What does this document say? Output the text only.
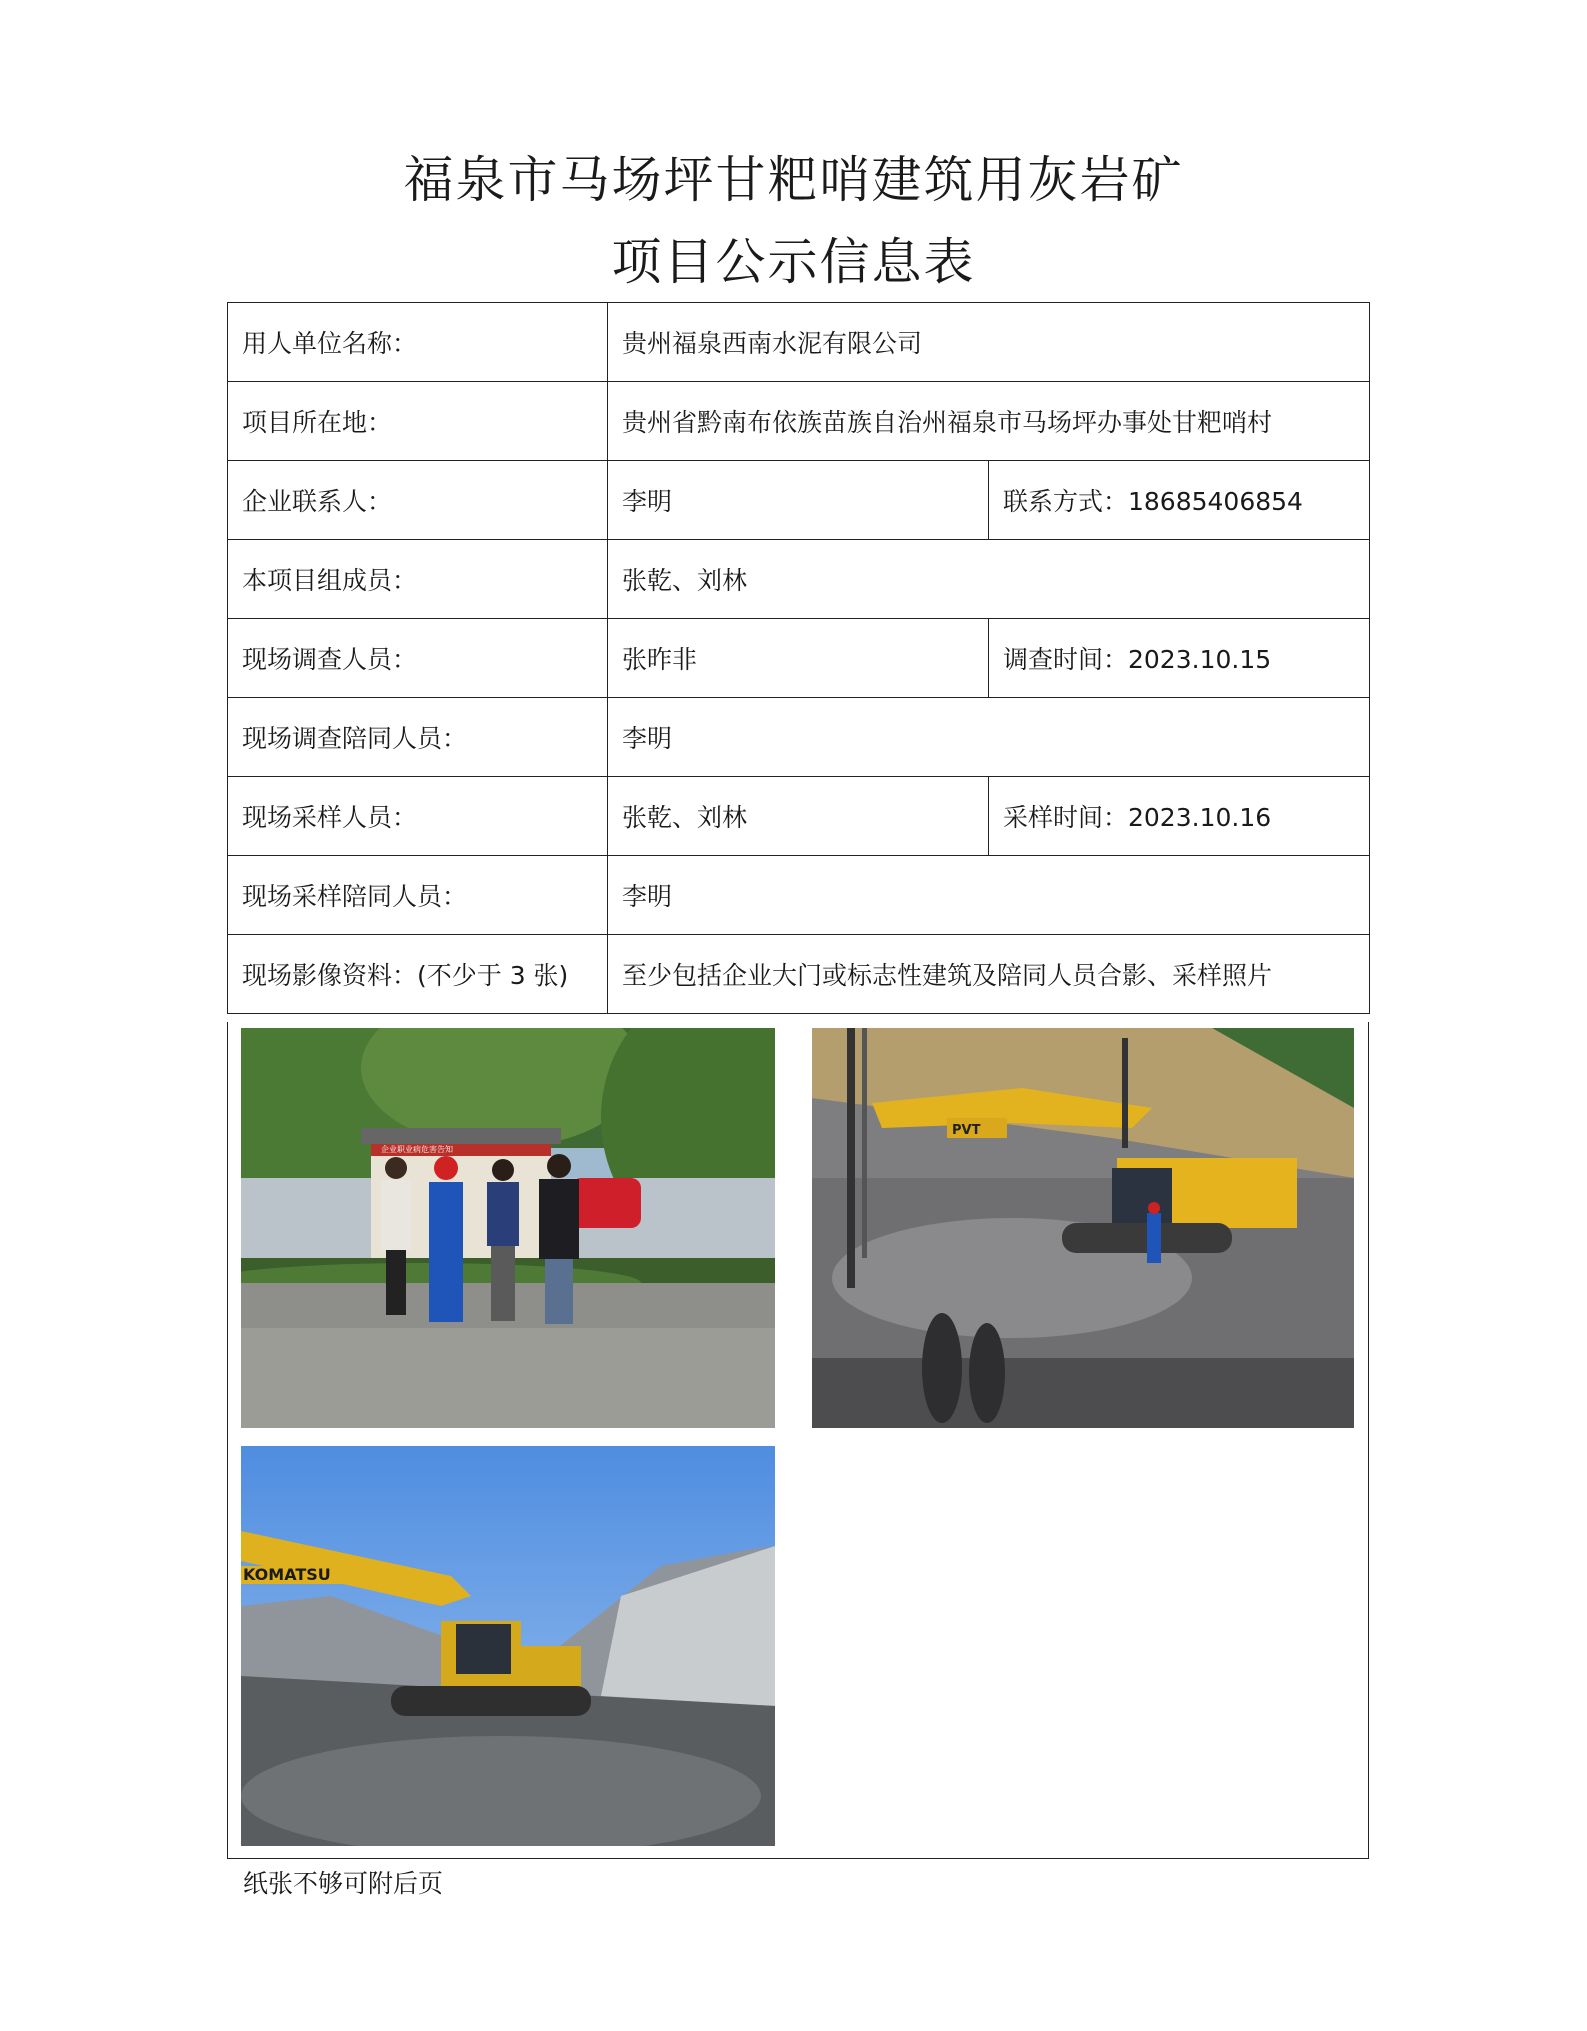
福泉市马场坪甘粑哨建筑用灰岩矿
项目公示信息表
用人单位名称：	贵州福泉西南水泥有限公司	
项目所在地：	贵州省黔南布依族苗族自治州福泉市马场坪办事处甘粑哨村	
企业联系人：	李明	联系方式：18685406854
本项目组成员：	张乾、刘林	
现场调查人员：	张昨非	调查时间：2023.10.15
现场调查陪同人员：	李明	
现场采样人员：	张乾、刘林	采样时间：2023.10.16
现场采样陪同人员：	李明	
现场影像资料：(不少于 3 张)	至少包括企业大门或标志性建筑及陪同人员合影、采样照片	
企业职业病危害告知
PVT
KOMATSU
纸张不够可附后页
